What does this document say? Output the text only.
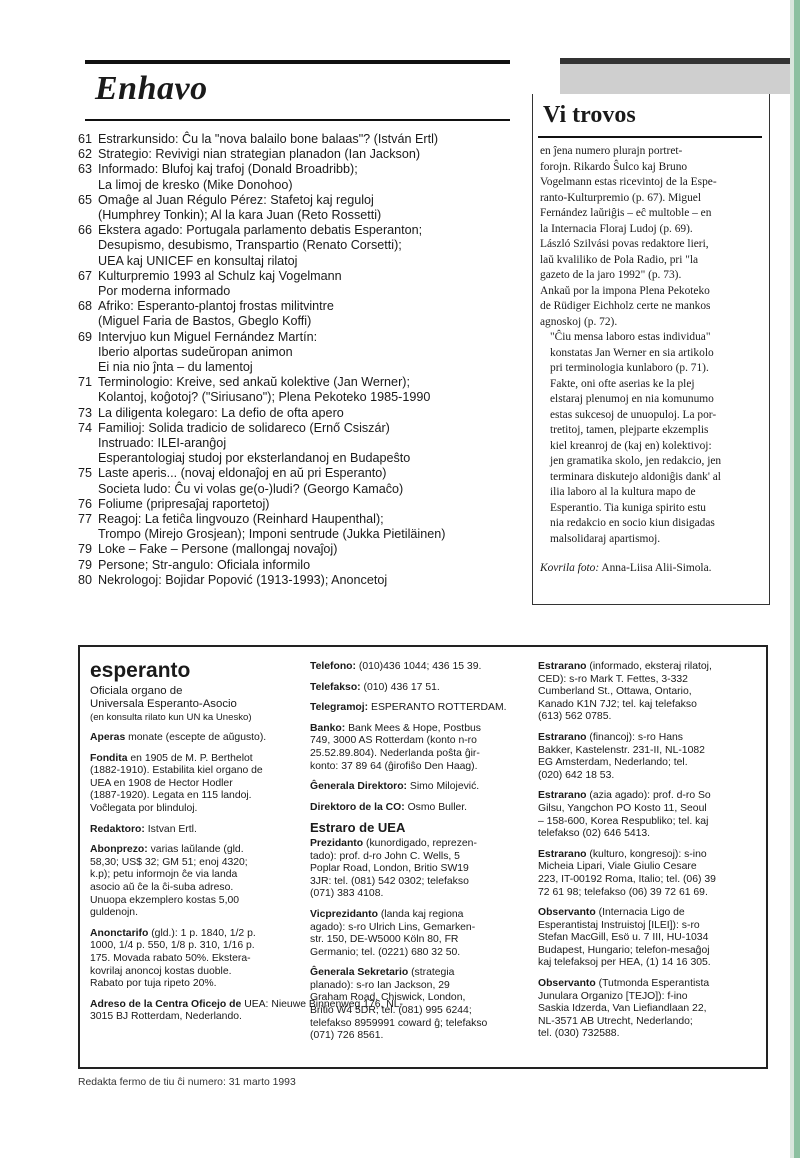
Enhavo
61 Estrarkunsido: Ĉu la "nova balailo bone balaas"? (István Ertl)
62 Strategio: Revivigi nian strategian planadon (Ian Jackson)
63 Informado: Blufoj kaj trafoj (Donald Broadribb);
La limoj de kresko (Mike Donohoo)
65 Omaĝe al Juan Régulo Pérez: Stafetoj kaj reguloj
(Humphrey Tonkin); Al la kara Juan (Reto Rossetti)
66 Ekstera agado: Portugala parlamento debatis Esperanton;
Desupismo, desubismo, Transpartio (Renato Corsetti);
UEA kaj UNICEF en konsultaj rilatoj
67 Kulturpremio 1993 al Schulz kaj Vogelmann
Por moderna informado
68 Afriko: Esperanto-plantoj frostas militvintre
(Miguel Faria de Bastos, Gbeglo Koffi)
69 Intervjuo kun Miguel Fernández Martín:
Iberio alportas sudeŭropan animon
Ei nia nio ĵnta – du lamentoj
71 Terminologio: Kreive, sed ankaŭ kolektive (Jan Werner);
Kolantoj, koĝotoj? ("Siriusano"); Plena Pekoteko 1985-1990
73 La diligenta kolegaro: La defio de ofta apero
74 Familioj: Solida tradicio de solidareco (Ernő Csiszár)
Instruado: ILEI-aranĝoj
Esperantologiaj studoj por eksterlandanoj en Budapeŝto
75 Laste aperis... (novaj eldonaĵoj en aŭ pri Esperanto)
Societa ludo: Ĉu vi volas ge(o-)ludi? (Georgo Kamaĉo)
76 Foliume (pripresaĵaj raportetoj)
77 Reagoj: La fetiĉa lingvouzo (Reinhard Haupenthal);
Trompo (Mirejo Grosjean); Imponi sentrude (Jukka Pietiläinen)
79 Loke – Fake – Persone (mallongaj novaĵoj)
79 Persone; Str-angulo: Oficiala informilo
80 Nekrologoj: Bojidar Popović (1913-1993); Anoncetoj
Vi trovos

en ĵena numero plurajn portret-
forojn. Rikardo Ŝulco kaj Bruno
Vogelmann estas ricevintoj de la Espe-
ranto-Kulturpremio (p. 67). Miguel
Fernández laŭriĝis – eĉ multoble – en
la Internacia Floraj Ludoj (p. 69).
László Szilvási povas redaktore lieri,
laŭ kvaliliko de Pola Radio, pri "la
gazeto de la jaro 1992" (p. 73).
Ankaŭ por la impona Plena Pekoteko
de Rüdiger Eichholz certe ne mankos
agnoskoj (p. 72).

"Ĉiu mensa laboro estas individua"
konstatas Jan Werner en sia artikolo
pri terminologia kunlaboro (p. 71).
Fakte, oni ofte aserias ke la plej
elstaraj plenumoj en nia komunumo
estas sukcesoj de unuopuloj. La por-
tretitoj, tamen, plejparte ekzemplis
kiel kreanroj de (kaj en) kolektivoj:
jen gramatika skolo, jen redakcio, jen
terminara diskutejo aldoniĝis dank' al
ilia laboro al la kultura mapo de
Esperantio. Tia kuniga spirito estu
nia redakcio en socio kiun disigadas
malsolidaraj apartismoj.

Kovrila foto: Anna-Liisa Alii-Simola.

esperanto
Oficiala organo de
Universala Esperanto-Asocio
(en konsulta rilato kun UN ka Unesko)
Aperas monate (escepte de aŭgusto).
Fondita en 1905 de M. P. Berthelot
(1882-1910). Estabilita kiel organo de
UEA en 1908 de Hector Hodler
(1887-1920). Legata en 115 landoj.
Voĉlegata por blinduloj.
Redaktoro: Istvan Ertl.
Abonprezo: varias laŭlande (gld.
58,30; US$ 32; GM 51; enoj 4320;
k.p); petu informojn ĉe via landa
asocio aŭ ĉe la ĉi-suba adreso.
Unuopa ekzemplero kostas 5,00
guldenojn.
Anonctarifo (gld.): 1 p. 1840, 1/2 p.
1000, 1/4 p. 550, 1/8 p. 310, 1/16 p.
175. Movada rabato 50%. Ekstera-
kovrilaj anoncoj kostas duoble.
Rabato por tuja ripeto 20%.
Adreso de la Centra Oficejo de UEA: Nieuwe Binnenweg 176, NL-
3015 BJ Rotterdam, Nederlando.
Telefono: (010)436 1044; 436 15 39.
Telefakso: (010) 436 17 51.
Telegramoj: ESPERANTO ROTTERDAM.
Banko: Bank Mees & Hope, Postbus
749, 3000 AS Rotterdam (konto n-ro
25.52.89.804). Nederlanda poŝta ĝir-
konto: 37 89 64 (ĝirofiŝo Den Haag).
Ĝenerala Direktoro: Simo Milojević.
Direktoro de la CO: Osmo Buller.
Estraro de UEA
Prezidanto (kunordigado, reprezen-
tado): prof. d-ro John C. Wells, 5
Poplar Road, London, Britio SW19
3JR: tel. (081) 542 0302; telefakso
(071) 383 4108.
Vicprezidanto (landa kaj regiona
agado): s-ro Ulrich Lins, Gemarken-
str. 150, DE-W5000 Köln 80, FR
Germanio; tel. (0221) 680 32 50.
Ĝenerala Sekretario (strategia
planado): s-ro Ian Jackson, 29
Graham Road, Chiswick, London,
Britio W4 5DR; tel. (081) 995 6244;
telefakso 8959991 coward ĝ; telefakso
(071) 726 8561.
Estrarano (informado, eksteraj rilatoj,
CED): s-ro Mark T. Fettes, 3-332
Cumberland St., Ottawa, Ontario,
Kanado K1N 7J2; tel. kaj telefakso
(613) 562 0785.
Estrarano (financoj): s-ro Hans
Bakker, Kastelenstr. 231-II, NL-1082
EG Amsterdam, Nederlando; tel.
(020) 642 18 53.
Estrarano (azia agado): prof. d-ro So
Gilsu, Yangchon PO Kosto 11, Seoul
– 158-600, Korea Respubliko; tel. kaj
telefakso (02) 646 5413.
Estrarano (kulturo, kongresoj): s-ino
Micheia Lipari, Viale Giulio Cesare
223, IT-00192 Roma, Italio; tel. (06) 39
72 61 98; telefakso (06) 39 72 61 69.
Observanto (Internacia Ligo de
Esperantistaj Instruistoj [ILEI]): s-ro
Stefan MacGill, Esö u. 7 III, HU-1034
Budapest, Hungario; telefon-mesaĝoj
kaj telefaksoj per HEA, (1) 14 16 305.
Observanto (Tutmonda Esperantista
Junulara Organizo [TEJO]): f-ino
Saskia Idzerda, Van Liefiandlaan 22,
NL-3571 AB Utrecht, Nederlando;
tel. (030) 732588.
Redakta fermo de tiu ĉi numero: 31 marto 1993
